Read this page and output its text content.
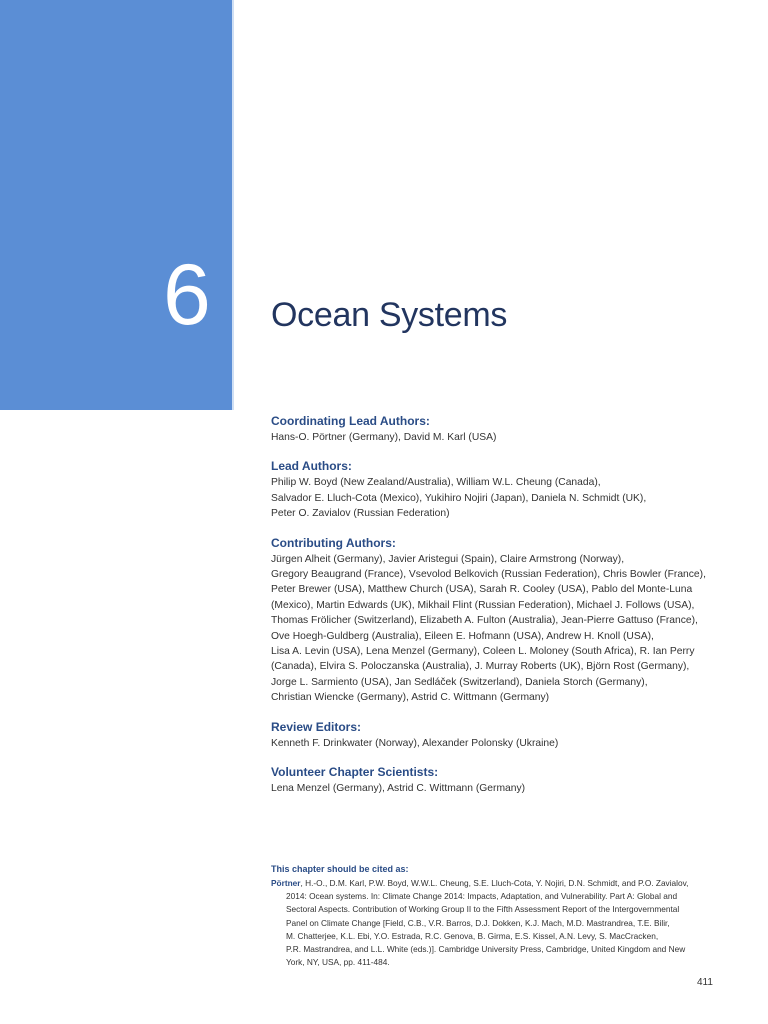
6 Ocean Systems
Coordinating Lead Authors:
Hans-O. Pörtner (Germany), David M. Karl (USA)
Lead Authors:
Philip W. Boyd (New Zealand/Australia), William W.L. Cheung (Canada),
Salvador E. Lluch-Cota (Mexico), Yukihiro Nojiri (Japan), Daniela N. Schmidt (UK),
Peter O. Zavialov (Russian Federation)
Contributing Authors:
Jürgen Alheit (Germany), Javier Aristegui (Spain), Claire Armstrong (Norway),
Gregory Beaugrand (France), Vsevolod Belkovich (Russian Federation), Chris Bowler (France),
Peter Brewer (USA), Matthew Church (USA), Sarah R. Cooley (USA), Pablo del Monte-Luna
(Mexico), Martin Edwards (UK), Mikhail Flint (Russian Federation), Michael J. Follows (USA),
Thomas Frölicher (Switzerland), Elizabeth A. Fulton (Australia), Jean-Pierre Gattuso (France),
Ove Hoegh-Guldberg (Australia), Eileen E. Hofmann (USA), Andrew H. Knoll (USA),
Lisa A. Levin (USA), Lena Menzel (Germany), Coleen L. Moloney (South Africa), R. Ian Perry
(Canada), Elvira S. Poloczanska (Australia), J. Murray Roberts (UK), Björn Rost (Germany),
Jorge L. Sarmiento (USA), Jan Sedláček (Switzerland), Daniela Storch (Germany),
Christian Wiencke (Germany), Astrid C. Wittmann (Germany)
Review Editors:
Kenneth F. Drinkwater (Norway), Alexander Polonsky (Ukraine)
Volunteer Chapter Scientists:
Lena Menzel (Germany), Astrid C. Wittmann (Germany)
This chapter should be cited as:
Pörtner, H.-O., D.M. Karl, P.W. Boyd, W.W.L. Cheung, S.E. Lluch-Cota, Y. Nojiri, D.N. Schmidt, and P.O. Zavialov,
2014: Ocean systems. In: Climate Change 2014: Impacts, Adaptation, and Vulnerability. Part A: Global and
Sectoral Aspects. Contribution of Working Group II to the Fifth Assessment Report of the Intergovernmental
Panel on Climate Change [Field, C.B., V.R. Barros, D.J. Dokken, K.J. Mach, M.D. Mastrandrea, T.E. Bilir,
M. Chatterjee, K.L. Ebi, Y.O. Estrada, R.C. Genova, B. Girma, E.S. Kissel, A.N. Levy, S. MacCracken,
P.R. Mastrandrea, and L.L. White (eds.)]. Cambridge University Press, Cambridge, United Kingdom and New
York, NY, USA, pp. 411-484.
411
